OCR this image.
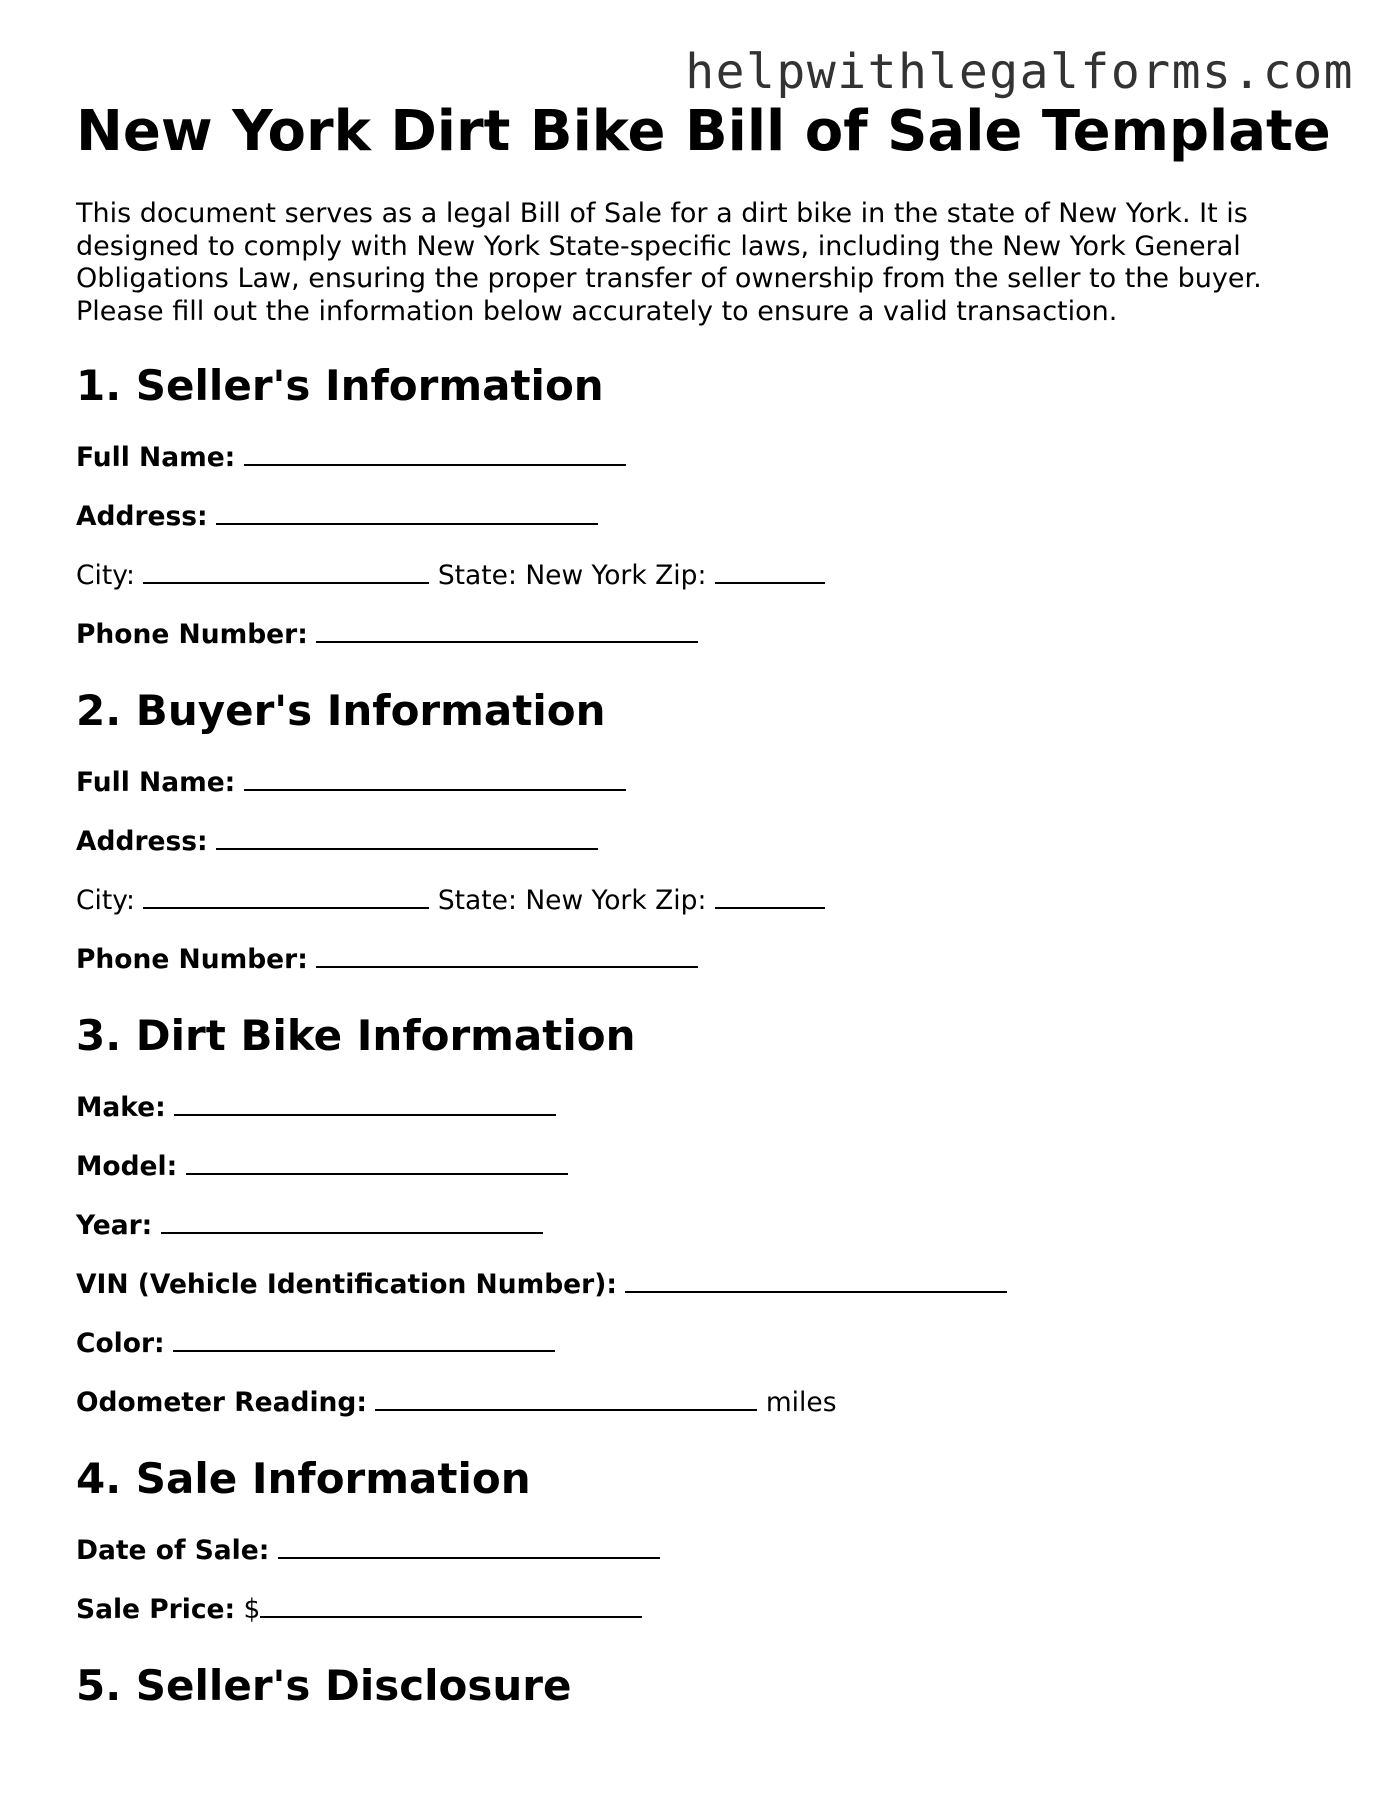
helpwithlegalforms.com
New York Dirt Bike Bill of Sale Template

This document serves as a legal Bill of Sale for a dirt bike in the state of New York. It is designed to comply with New York State-specific laws, including the New York General Obligations Law, ensuring the proper transfer of ownership from the seller to the buyer. Please fill out the information below accurately to ensure a valid transaction.

1. Seller's Information
Full Name:
Address:
City:	State: New York Zip:
Phone Number:
2. Buyer's Information
Full Name:
Address:
City:	State: New York Zip:
Phone Number:
3. Dirt Bike Information
Make:
Model:
Year:
VIN (Vehicle Identification Number):
Color:
Odometer Reading:	miles
4. Sale Information
Date of Sale:
Sale Price: $
5. Seller's Disclosure
